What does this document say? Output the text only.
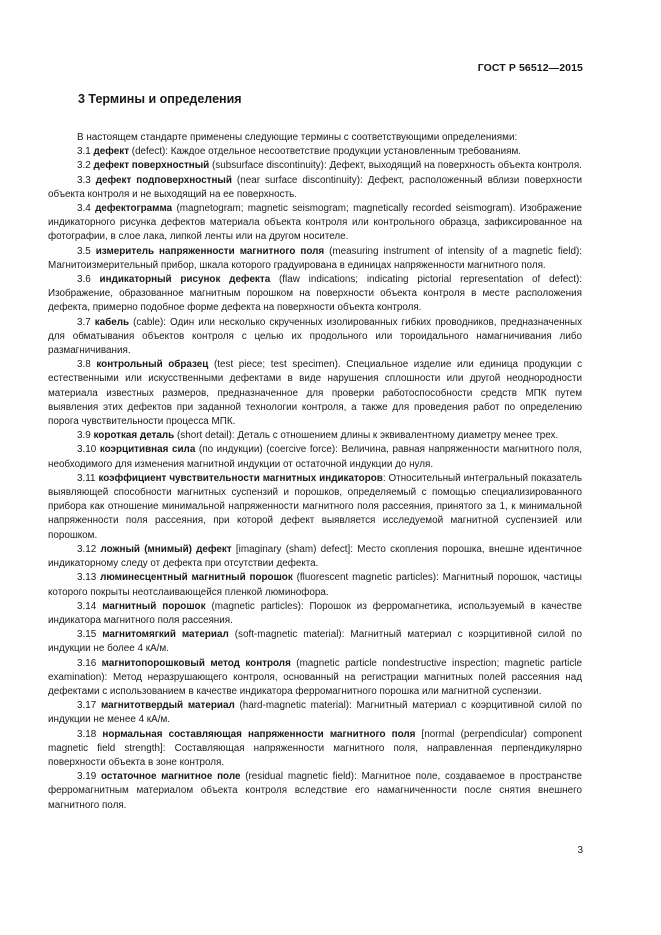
ГОСТ Р 56512—2015
3 Термины и определения

В настоящем стандарте применены следующие термины с соответствующими определениями:

3.1 дефект (defect): Каждое отдельное несоответствие продукции установленным требованиям.

3.2 дефект поверхностный (subsurface discontinuity): Дефект, выходящий на поверхность объекта контроля.

3.3 дефект подповерхностный (near surface discontinuity): Дефект, расположенный вблизи поверхности объекта контроля и не выходящий на ее поверхность.

3.4 дефектограмма (magnetogram; magnetic seismogram; magnetically recorded seismogram). Изображение индикаторного рисунка дефектов материала объекта контроля или контрольного образца, зафиксированное на фотографии, в слое лака, липкой ленты или на другом носителе.

3.5 измеритель напряженности магнитного поля (measuring instrument of intensity of a magnetic field): Магнитоизмерительный прибор, шкала которого градуирована в единицах напряженности магнитного поля.

3.6 индикаторный рисунок дефекта (flaw indications; indicating pictorial representation of defect): Изображение, образованное магнитным порошком на поверхности объекта контроля в месте расположения дефекта, примерно подобное форме дефекта на поверхности объекта контроля.

3.7 кабель (cable): Один или несколько скрученных изолированных гибких проводников, предназначенных для обматывания объектов контроля с целью их продольного или тороидального намагничивания либо размагничивания.

3.8 контрольный образец (test piece; test specimen). Специальное изделие или единица продукции с естественными или искусственными дефектами в виде нарушения сплошности или другой неоднородности материала известных размеров, предназначенное для проверки работоспособности средств МПК путем выявления этих дефектов при заданной технологии контроля, а также для проведения работ по определению порога чувствительности процесса МПК.

3.9 короткая деталь (short detail): Деталь с отношением длины к эквивалентному диаметру менее трех.

3.10 коэрцитивная сила (по индукции) (coercive force): Величина, равная напряженности магнитного поля, необходимого для изменения магнитной индукции от остаточной индукции до нуля.

3.11 коэффициент чувствительности магнитных индикаторов: Относительный интегральный показатель выявляющей способности магнитных суспензий и порошков, определяемый с помощью специализированного прибора как отношение минимальной напряженности магнитного поля рассеяния, принятого за 1, к минимальной напряженности поля рассеяния, при которой дефект выявляется исследуемой магнитной суспензией или порошком.

3.12 ложный (мнимый) дефект [imaginary (sham) defect]: Место скопления порошка, внешне идентичное индикаторному следу от дефекта при отсутствии дефекта.

3.13 люминесцентный магнитный порошок (fluorescent magnetic particles): Магнитный порошок, частицы которого покрыты неотслаивающейся пленкой люминофора.

3.14 магнитный порошок (magnetic particles): Порошок из ферромагнетика, используемый в качестве индикатора магнитного поля рассеяния.

3.15 магнитомягкий материал (soft-magnetic material): Магнитный материал с коэрцитивной силой по индукции не более 4 кА/м.

3.16 магнитопорошковый метод контроля (magnetic particle nondestructive inspection; magnetic particle examination): Метод неразрушающего контроля, основанный на регистрации магнитных полей рассеяния над дефектами с использованием в качестве индикатора ферромагнитного порошка или магнитной суспензии.

3.17 магнитотвердый материал (hard-magnetic material): Магнитный материал с коэрцитивной силой по индукции не менее 4 кА/м.

3.18 нормальная составляющая напряженности магнитного поля [normal (perpendicular) component magnetic field strength]: Составляющая напряженности магнитного поля, направленная перпендикулярно поверхности объекта в зоне контроля.

3.19 остаточное магнитное поле (residual magnetic field): Магнитное поле, создаваемое в пространстве ферромагнитным материалом объекта контроля вследствие его намагниченности после снятия внешнего магнитного поля.

3
